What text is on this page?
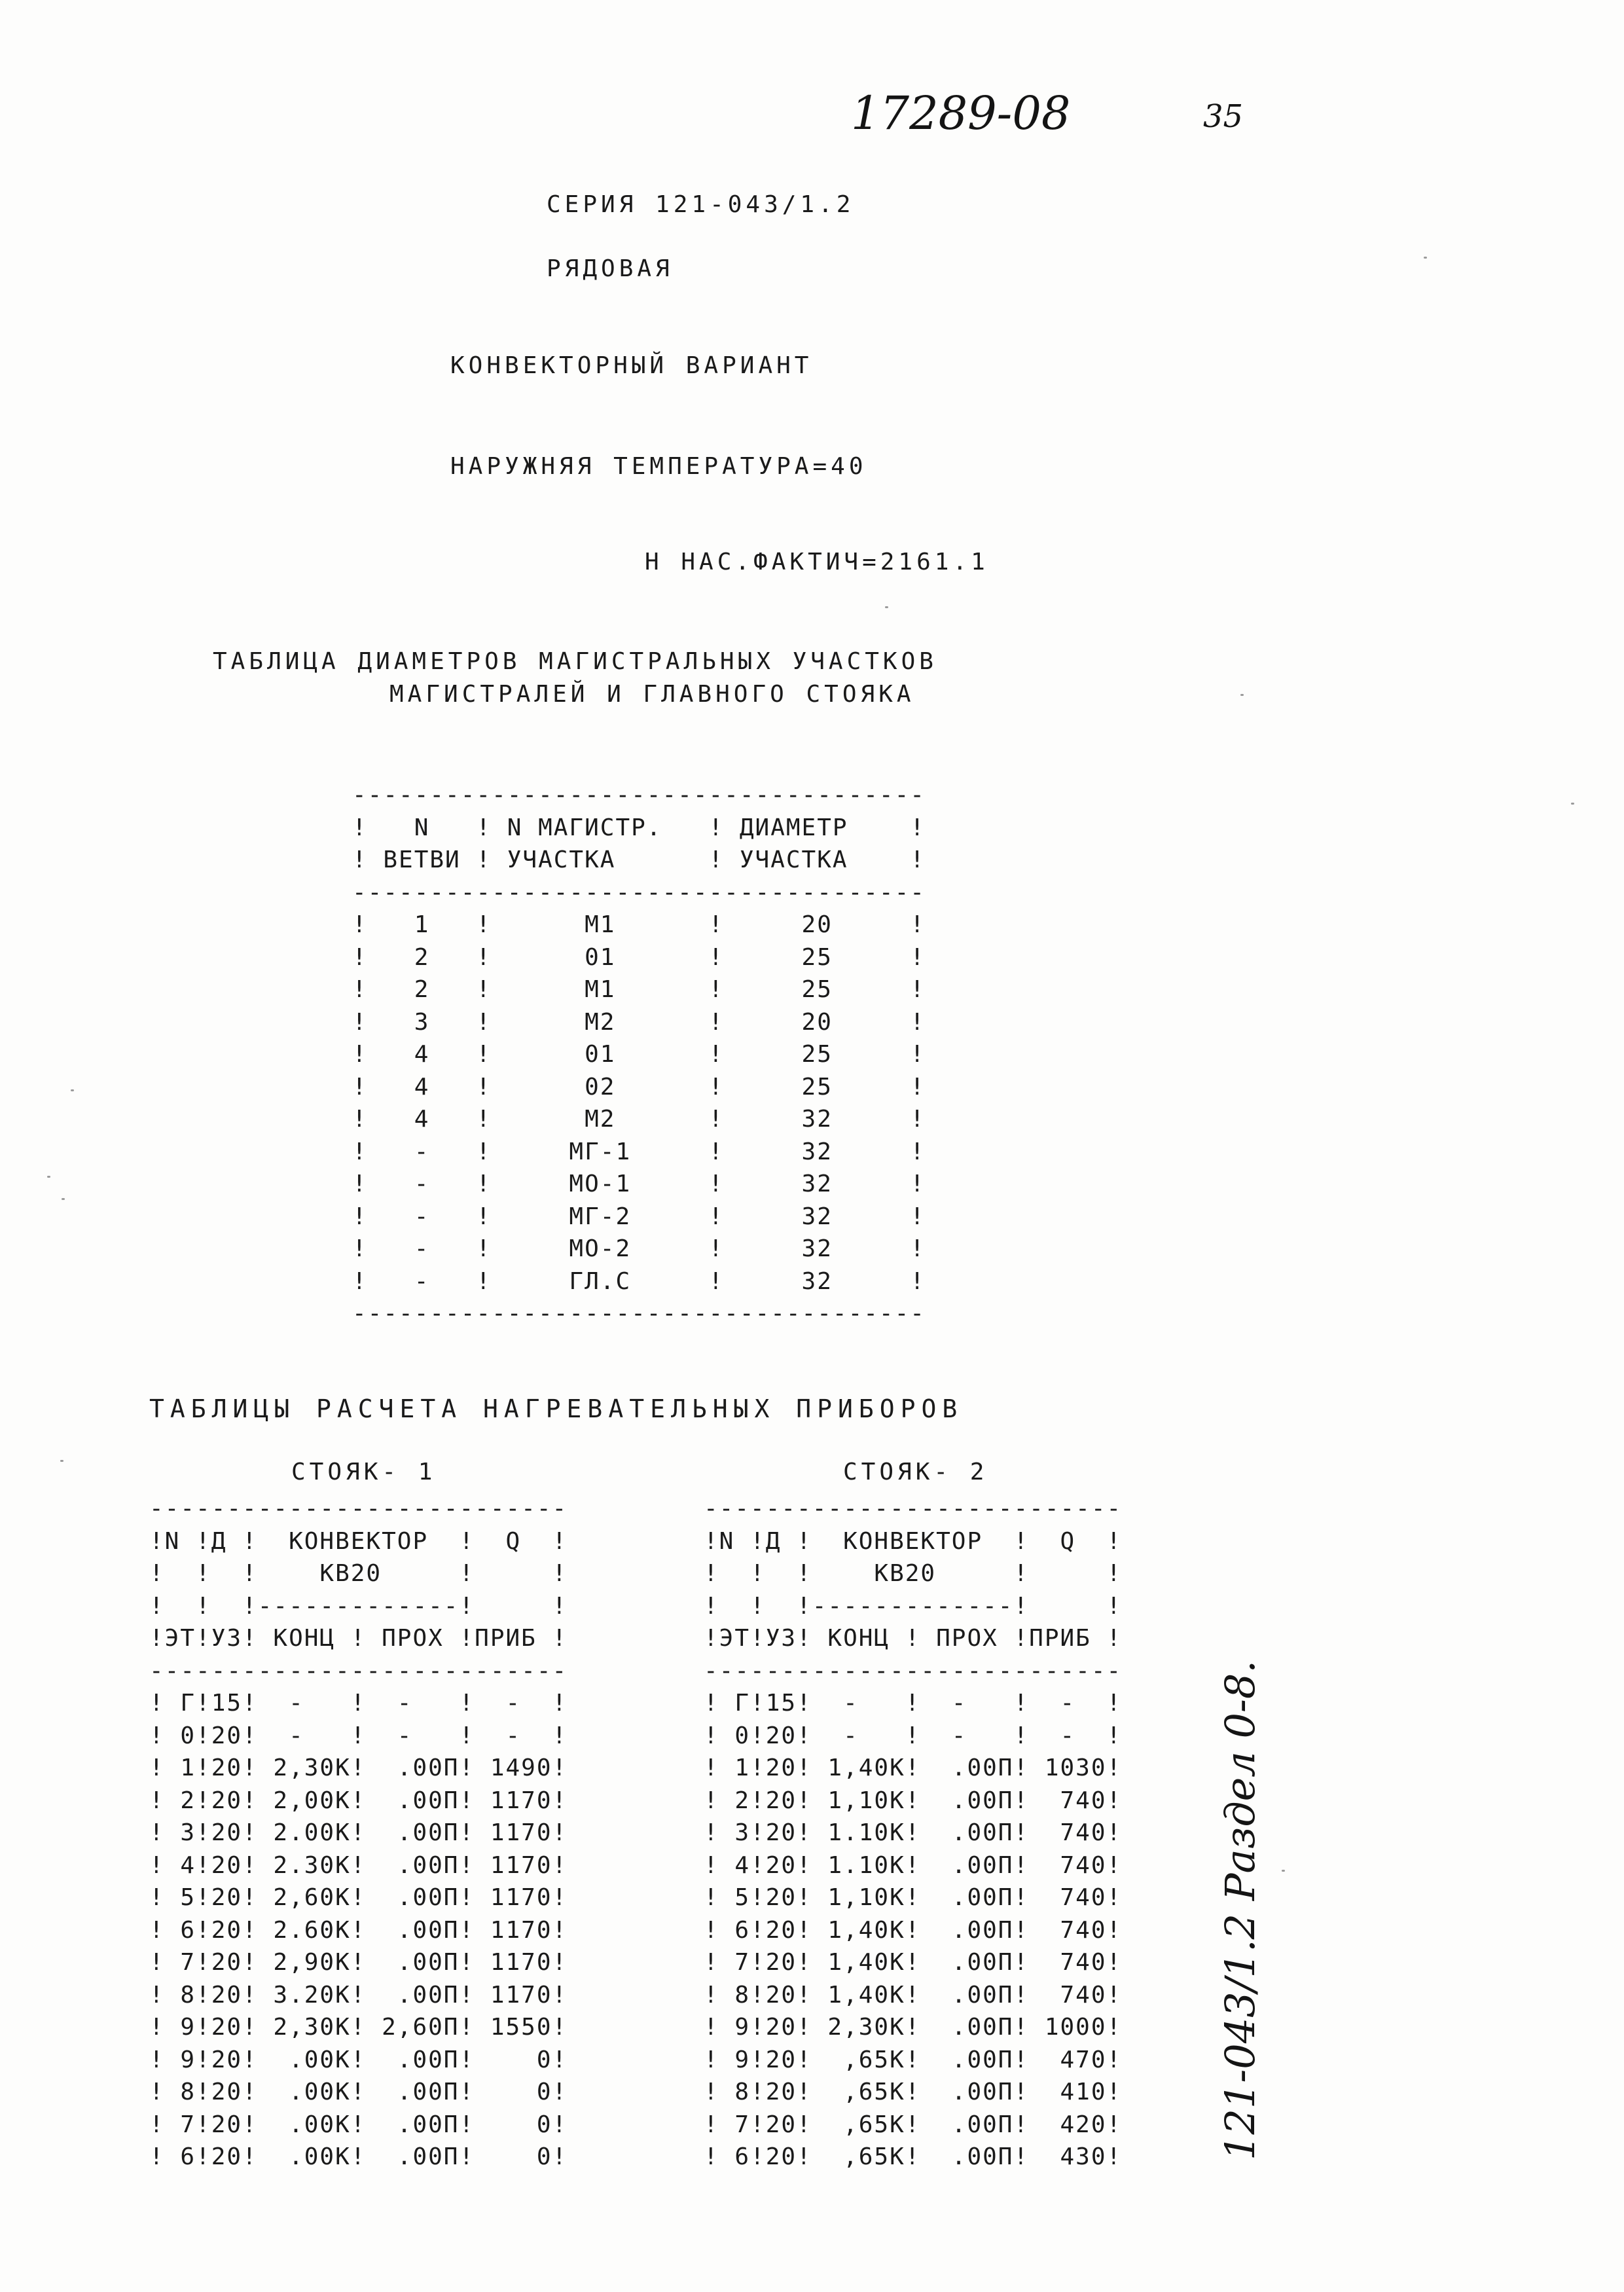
17289-08	35
СЕРИЯ 121-043/1.2
РЯДОВАЯ
КОНВЕКТОРНЫЙ ВАРИАНТ
НАРУЖНЯЯ ТЕМПЕРАТУРА=40
Н НАС.ФАКТИЧ=2161.1
ТАБЛИЦА ДИАМЕТРОВ МАГИСТРАЛЬНЫХ УЧАСТКОВ
МАГИСТРАЛЕЙ И ГЛАВНОГО СТОЯКА
-------------------------------------
!   N   ! N МАГИСТР.   ! ДИАМЕТР    !
! ВЕТВИ ! УЧАСТКА      ! УЧАСТКА    !
-------------------------------------
!   1   !      М1      !     20     !
!   2   !      01      !     25     !
!   2   !      М1      !     25     !
!   3   !      М2      !     20     !
!   4   !      01      !     25     !
!   4   !      02      !     25     !
!   4   !      М2      !     32     !
!   -   !     МГ-1     !     32     !
!   -   !     МО-1     !     32     !
!   -   !     МГ-2     !     32     !
!   -   !     МО-2     !     32     !
!   -   !     ГЛ.С     !     32     !
-------------------------------------
ТАБЛИЦЫ РАСЧЕТА НАГРЕВАТЕЛЬНЫХ ПРИБОРОВ
СТОЯК- 1	СТОЯК- 2
---------------------------
!N !Д !  КОНВЕКТОР  !  Q  !
!  !  !    КВ20     !     !
!  !  !-------------!     !
!ЭТ!УЗ! КОНЦ ! ПРОХ !ПРИБ !
---------------------------
! Г!15!  -   !  -   !  -  !
! 0!20!  -   !  -   !  -  !
! 1!20! 2,30К!  .00П! 1490!
! 2!20! 2,00К!  .00П! 1170!
! 3!20! 2.00К!  .00П! 1170!
! 4!20! 2.30К!  .00П! 1170!
! 5!20! 2,60К!  .00П! 1170!
! 6!20! 2.60К!  .00П! 1170!
! 7!20! 2,90К!  .00П! 1170!
! 8!20! 3.20К!  .00П! 1170!
! 9!20! 2,30К! 2,60П! 1550!
! 9!20!  .00К!  .00П!    0!
! 8!20!  .00К!  .00П!    0!
! 7!20!  .00К!  .00П!    0!
! 6!20!  .00К!  .00П!    0!
---------------------------
!N !Д !  КОНВЕКТОР  !  Q  !
!  !  !    КВ20     !     !
!  !  !-------------!     !
!ЭТ!УЗ! КОНЦ ! ПРОХ !ПРИБ !
---------------------------
! Г!15!  -   !  -   !  -  !
! 0!20!  -   !  -   !  -  !
! 1!20! 1,40К!  .00П! 1030!
! 2!20! 1,10К!  .00П!  740!
! 3!20! 1.10К!  .00П!  740!
! 4!20! 1.10К!  .00П!  740!
! 5!20! 1,10К!  .00П!  740!
! 6!20! 1,40К!  .00П!  740!
! 7!20! 1,40К!  .00П!  740!
! 8!20! 1,40К!  .00П!  740!
! 9!20! 2,30К!  .00П! 1000!
! 9!20!  ,65К!  .00П!  470!
! 8!20!  ,65К!  .00П!  410!
! 7!20!  ,65К!  .00П!  420!
! 6!20!  ,65К!  .00П!  430! 121-043/1.2 Раздел 0-8.
